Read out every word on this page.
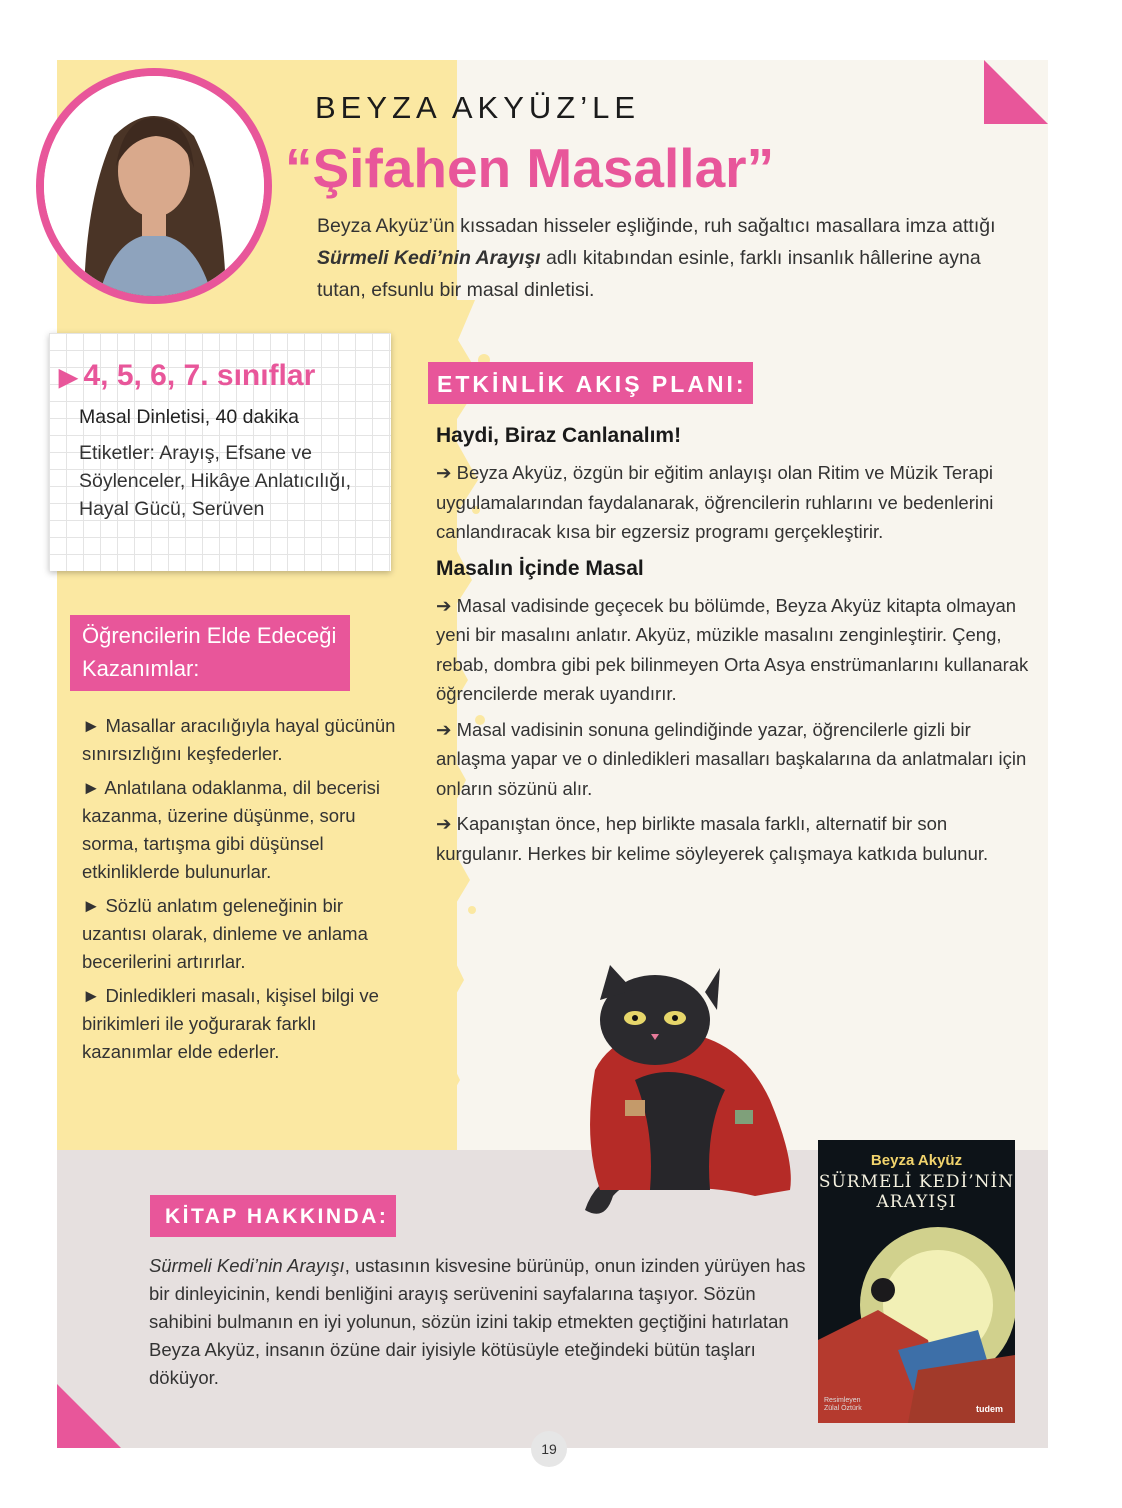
BEYZA AKYÜZ’LE
“Şifahen Masallar”
Beyza Akyüz’ün kıssadan hisseler eşliğinde, ruh sağaltıcı masallara imza attığı Sürmeli Kedi’nin Arayışı adlı kitabından esinle, farklı insanlık hâllerine ayna tutan, efsunlu bir masal dinletisi.
▶ 4, 5, 6, 7. sınıflar
Masal Dinletisi, 40 dakika
Etiketler: Arayış, Efsane ve Söylenceler, Hikâye Anlatıcılığı, Hayal Gücü, Serüven
Öğrencilerin Elde Edeceği Kazanımlar:

► Masallar aracılığıyla hayal gücünün sınırsızlığını keşfederler.

► Anlatılana odaklanma, dil becerisi kazanma, üzerine düşünme, soru sorma, tartışma gibi düşünsel etkinliklerde bulunurlar.

► Sözlü anlatım geleneğinin bir uzantısı olarak, dinleme ve anlama becerilerini artırırlar.

► Dinledikleri masalı, kişisel bilgi ve birikimleri ile yoğurarak farklı kazanımlar elde ederler.

ETKİNLİK AKIŞ PLANI:
Haydi, Biraz Canlanalım!

➔ Beyza Akyüz, özgün bir eğitim anlayışı olan Ritim ve Müzik Terapi uygulamalarından faydalanarak, öğrencilerin ruhlarını ve bedenlerini canlandıracak kısa bir egzersiz programı gerçekleştirir.

Masalın İçinde Masal

➔ Masal vadisinde geçecek bu bölümde, Beyza Akyüz kitapta olmayan yeni bir masalını anlatır. Akyüz, müzikle masalını zenginleştirir. Çeng, rebab, dombra gibi pek bilinmeyen Orta Asya enstrümanlarını kullanarak öğrencilerde merak uyandırır.

➔ Masal vadisinin sonuna gelindiğinde yazar, öğrencilerle gizli bir anlaşma yapar ve o dinledikleri masalları başkalarına da anlatmaları için onların sözünü alır.

➔ Kapanıştan önce, hep birlikte masala farklı, alternatif bir son kurgulanır. Herkes bir kelime söyleyerek çalışmaya katkıda bulunur.

KİTAP HAKKINDA:
Sürmeli Kedi’nin Arayışı, ustasının kisvesine bürünüp, onun izinden yürüyen has bir dinleyicinin, kendi benliğini arayış serüvenini sayfalarına taşıyor. Sözün sahibini bulmanın en iyi yolunun, sözün izini takip etmekten geçtiğini hatırlatan Beyza Akyüz, insanın özüne dair iyisiyle kötüsüyle eteğindeki bütün taşları döküyor.
Beyza Akyüz
SÜRMELİ KEDİ’NİN
ARAYIŞI
Resimleyen
Zülal Öztürk	tudem
19
